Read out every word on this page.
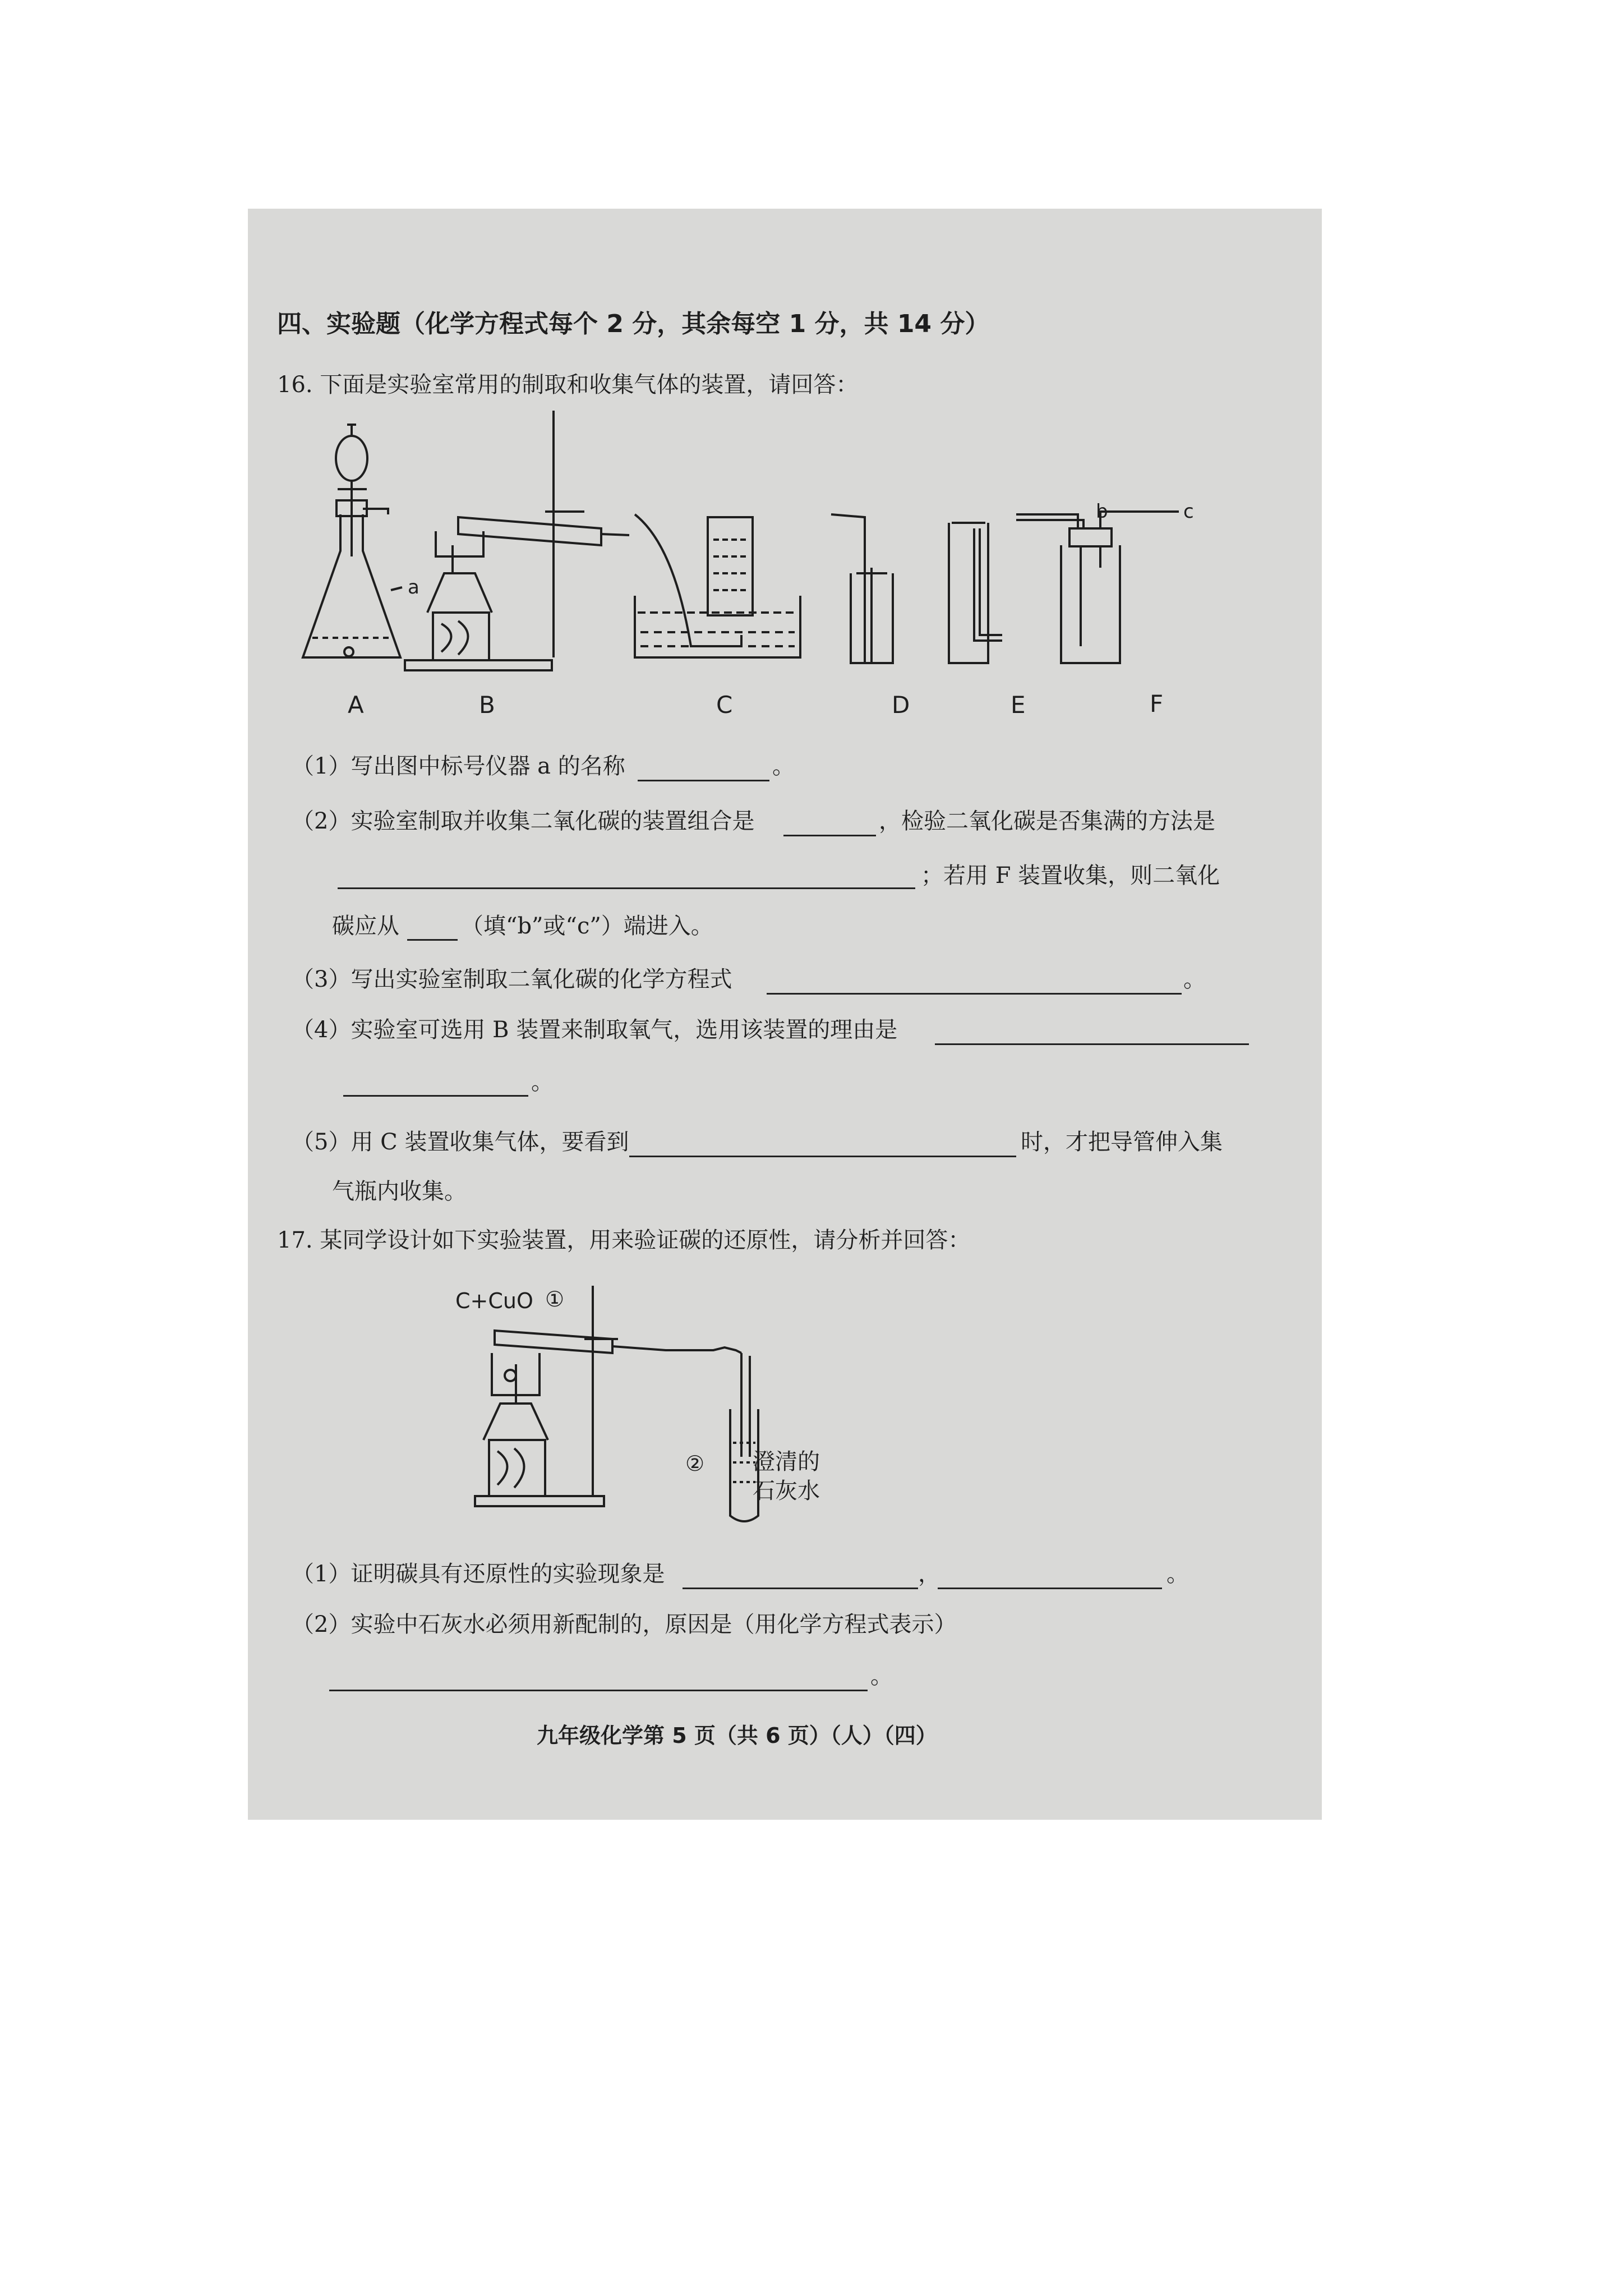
四、实验题（化学方程式每个 2 分，其余每空 1 分，共 14 分）
16. 下面是实验室常用的制取和收集气体的装置，请回答：
A	B	C	D	E	F
a
b	c
（1）写出图中标号仪器 a 的名称	。
（2）实验室制取并收集二氧化碳的装置组合是	，检验二氧化碳是否集满的方法是
；若用 F 装置收集，则二氧化
碳应从	（填“b”或“c”）端进入。
（3）写出实验室制取二氧化碳的化学方程式	。
（4）实验室可选用 B 装置来制取氧气，选用该装置的理由是
。
（5）用 C 装置收集气体，要看到	时，才把导管伸入集
气瓶内收集。
17. 某同学设计如下实验装置，用来验证碳的还原性，请分析并回答：
C+CuO ①
② 澄清的
石灰水
（1）证明碳具有还原性的实验现象是	，	。
（2）实验中石灰水必须用新配制的，原因是（用化学方程式表示）
。
九年级化学第 5 页（共 6 页）（人）（四）
